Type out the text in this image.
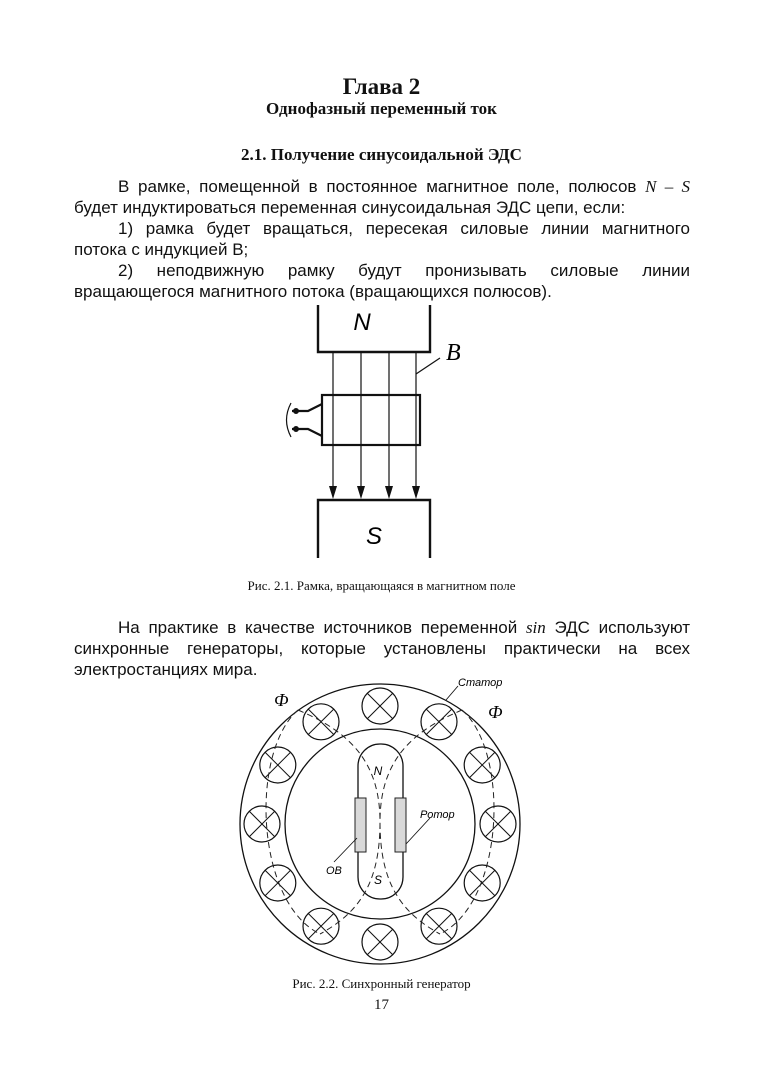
Глава 2
Однофазный переменный ток
2.1. Получение синусоидальной ЭДС

В рамке, помещенной в постоянное магнитное поле, полюсов N – S будет индуктироваться переменная синусоидальная ЭДС цепи, если:

1) рамка будет вращаться, пересекая силовые линии магнитного потока с индукцией В;

2) неподвижную рамку будут пронизывать силовые линии вращающегося магнитного потока (вращающихся полюсов).

N
S
B
Рис. 2.1. Рамка, вращающаяся в магнитном поле

На практике в качестве источников переменной sin ЭДС используют синхронные генераторы, которые установлены практически на всех электростанциях мира.

Статор
Ротор
ОВ
N
S
Ф
Ф
Рис. 2.2. Синхронный генератор
17
